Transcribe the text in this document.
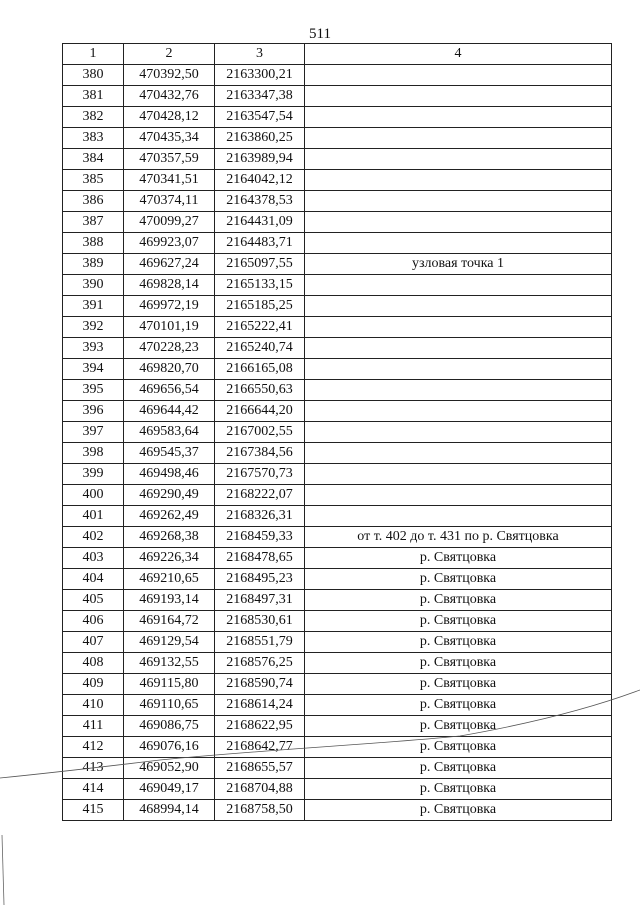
511
1	2	3	4
380	470392,50	2163300,21	
381	470432,76	2163347,38	
382	470428,12	2163547,54	
383	470435,34	2163860,25	
384	470357,59	2163989,94	
385	470341,51	2164042,12	
386	470374,11	2164378,53	
387	470099,27	2164431,09	
388	469923,07	2164483,71	
389	469627,24	2165097,55	узловая точка 1
390	469828,14	2165133,15	
391	469972,19	2165185,25	
392	470101,19	2165222,41	
393	470228,23	2165240,74	
394	469820,70	2166165,08	
395	469656,54	2166550,63	
396	469644,42	2166644,20	
397	469583,64	2167002,55	
398	469545,37	2167384,56	
399	469498,46	2167570,73	
400	469290,49	2168222,07	
401	469262,49	2168326,31	
402	469268,38	2168459,33	от т. 402 до т. 431 по р. Святцовка
403	469226,34	2168478,65	р. Святцовка
404	469210,65	2168495,23	р. Святцовка
405	469193,14	2168497,31	р. Святцовка
406	469164,72	2168530,61	р. Святцовка
407	469129,54	2168551,79	р. Святцовка
408	469132,55	2168576,25	р. Святцовка
409	469115,80	2168590,74	р. Святцовка
410	469110,65	2168614,24	р. Святцовка
411	469086,75	2168622,95	р. Святцовка
412	469076,16	2168642,77	р. Святцовка
413	469052,90	2168655,57	р. Святцовка
414	469049,17	2168704,88	р. Святцовка
415	468994,14	2168758,50	р. Святцовка
